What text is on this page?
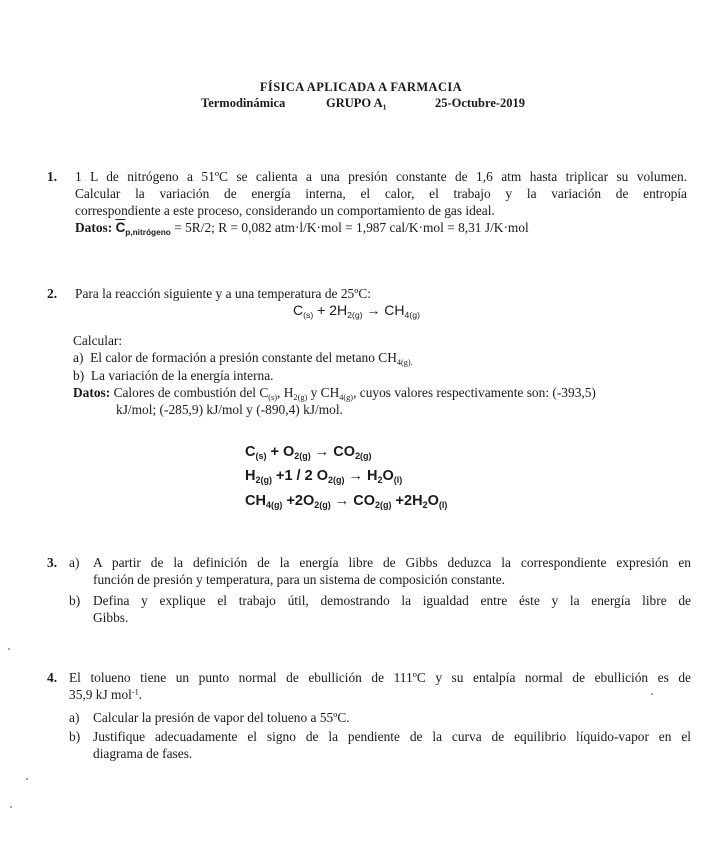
FÍSICA APLICADA A FARMACIA
Termodinámica	GRUPO $A_1$	25-Octubre-2019
1. 1 L de nitrógeno a 51ºC se calienta a una presión constante de 1,6 atm hasta triplicar su volumen.
Calcular la variación de energía interna, el calor, el trabajo y la variación de entropía
correspondiente a este proceso, considerando un comportamiento de gas ideal.
Datos: $\overline{C}_{p,nitrógeno} = 5R/2$; R = 0,082 atm·l/K·mol = 1,987 cal/K·mol = 8,31 J/K·mol
2. Para la reacción siguiente y a una temperatura de 25ºC:
$C_{(s)} + 2H_{2(g)} \to CH_{4(g)}$
Calcular:
a) El calor de formación a presión constante del metano $CH_{4(g).}$
b) La variación de la energía interna.
Datos: Calores de combustión del $C_{(s)}$, $H_{2(g)}$ y $CH_{4(g)}$, cuyos valores respectivamente son: (-393,5)
kJ/mol; (-285,9) kJ/mol y (-890,4) kJ/mol.
$C_{(s)} + O_{2(g)} \to CO_{2(g)}$
$H_{2(g)} +1 / 2$ $O_{2(g)} \to H_2O_{(l)}$
$CH_{4(g)} +2O_{2(g)} \to CO_{2(g)} +2H_2O_{(l)}$
3. a) A partir de la definición de la energía libre de Gibbs deduzca la correspondiente expresión en
función de presión y temperatura, para un sistema de composición constante.
b) Defina y explique el trabajo útil, demostrando la igualdad entre éste y la energía libre de
Gibbs.
4. El tolueno tiene un punto normal de ebullición de 111ºC y su entalpía normal de ebullición es de
35,9 kJ mol$^{-1}$.
a) Calcular la presión de vapor del tolueno a 55ºC.
b) Justifique adecuadamente el signo de la pendiente de la curva de equilibrio líquido-vapor en el
diagrama de fases.
